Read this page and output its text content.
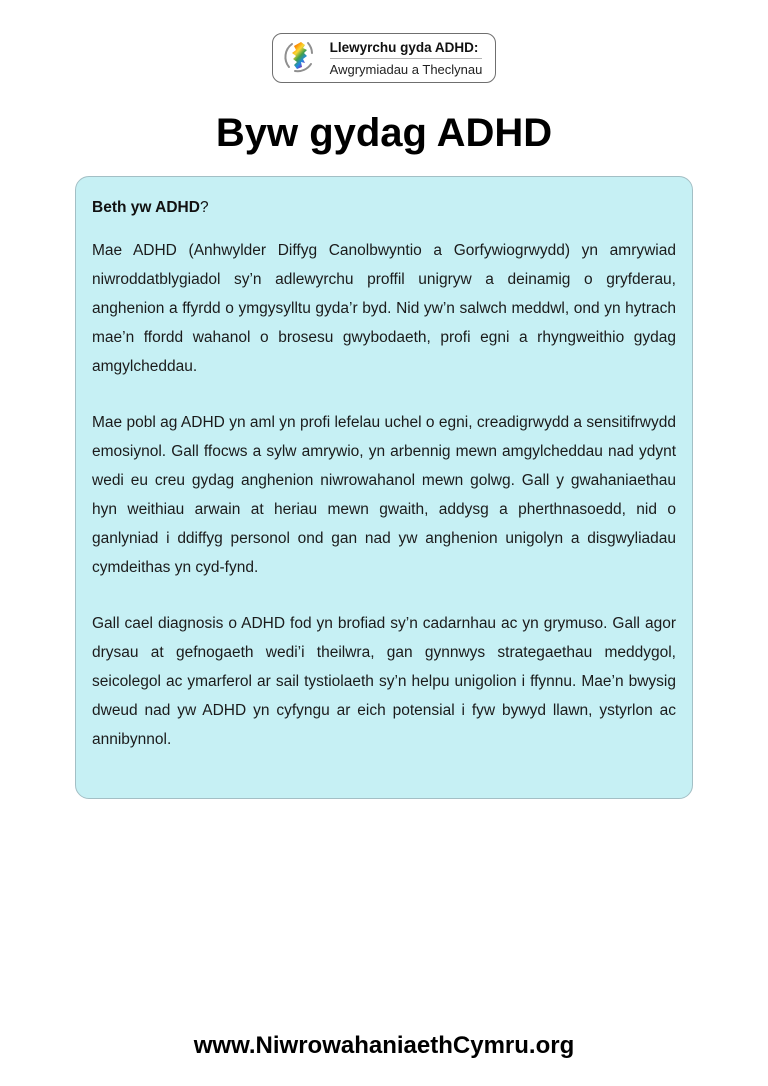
Llewyrchu gyda ADHD:
Awgrymiadau a Theclynau
Byw gydag ADHD
Beth yw ADHD?

Mae ADHD (Anhwylder Diffyg Canolbwyntio a Gorfywiogrwydd) yn amrywiad niwroddatblygiadol sy’n adlewyrchu proffil unigryw a deinamig o gryfderau, anghenion a ffyrdd o ymgysylltu gyda’r byd. Nid yw’n salwch meddwl, ond yn hytrach mae’n ffordd wahanol o brosesu gwybodaeth, profi egni a rhyngweithio gydag amgylcheddau.

Mae pobl ag ADHD yn aml yn profi lefelau uchel o egni, creadigrwydd a sensitifrwydd emosiynol. Gall ffocws a sylw amrywio, yn arbennig mewn amgylcheddau nad ydynt wedi eu creu gydag anghenion niwrowahanol mewn golwg. Gall y gwahaniaethau hyn weithiau arwain at heriau mewn gwaith, addysg a pherthnasoedd, nid o ganlyniad i ddiffyg personol ond gan nad yw anghenion unigolyn a disgwyliadau cymdeithas yn cyd-fynd.

Gall cael diagnosis o ADHD fod yn brofiad sy’n cadarnhau ac yn grymuso. Gall agor drysau at gefnogaeth wedi’i theilwra, gan gynnwys strategaethau meddygol, seicolegol ac ymarferol ar sail tystiolaeth sy’n helpu unigolion i ffynnu. Mae’n bwysig dweud nad yw ADHD yn cyfyngu ar eich potensial i fyw bywyd llawn, ystyrlon ac annibynnol.

www.NiwrowahaniaethCymru.org
